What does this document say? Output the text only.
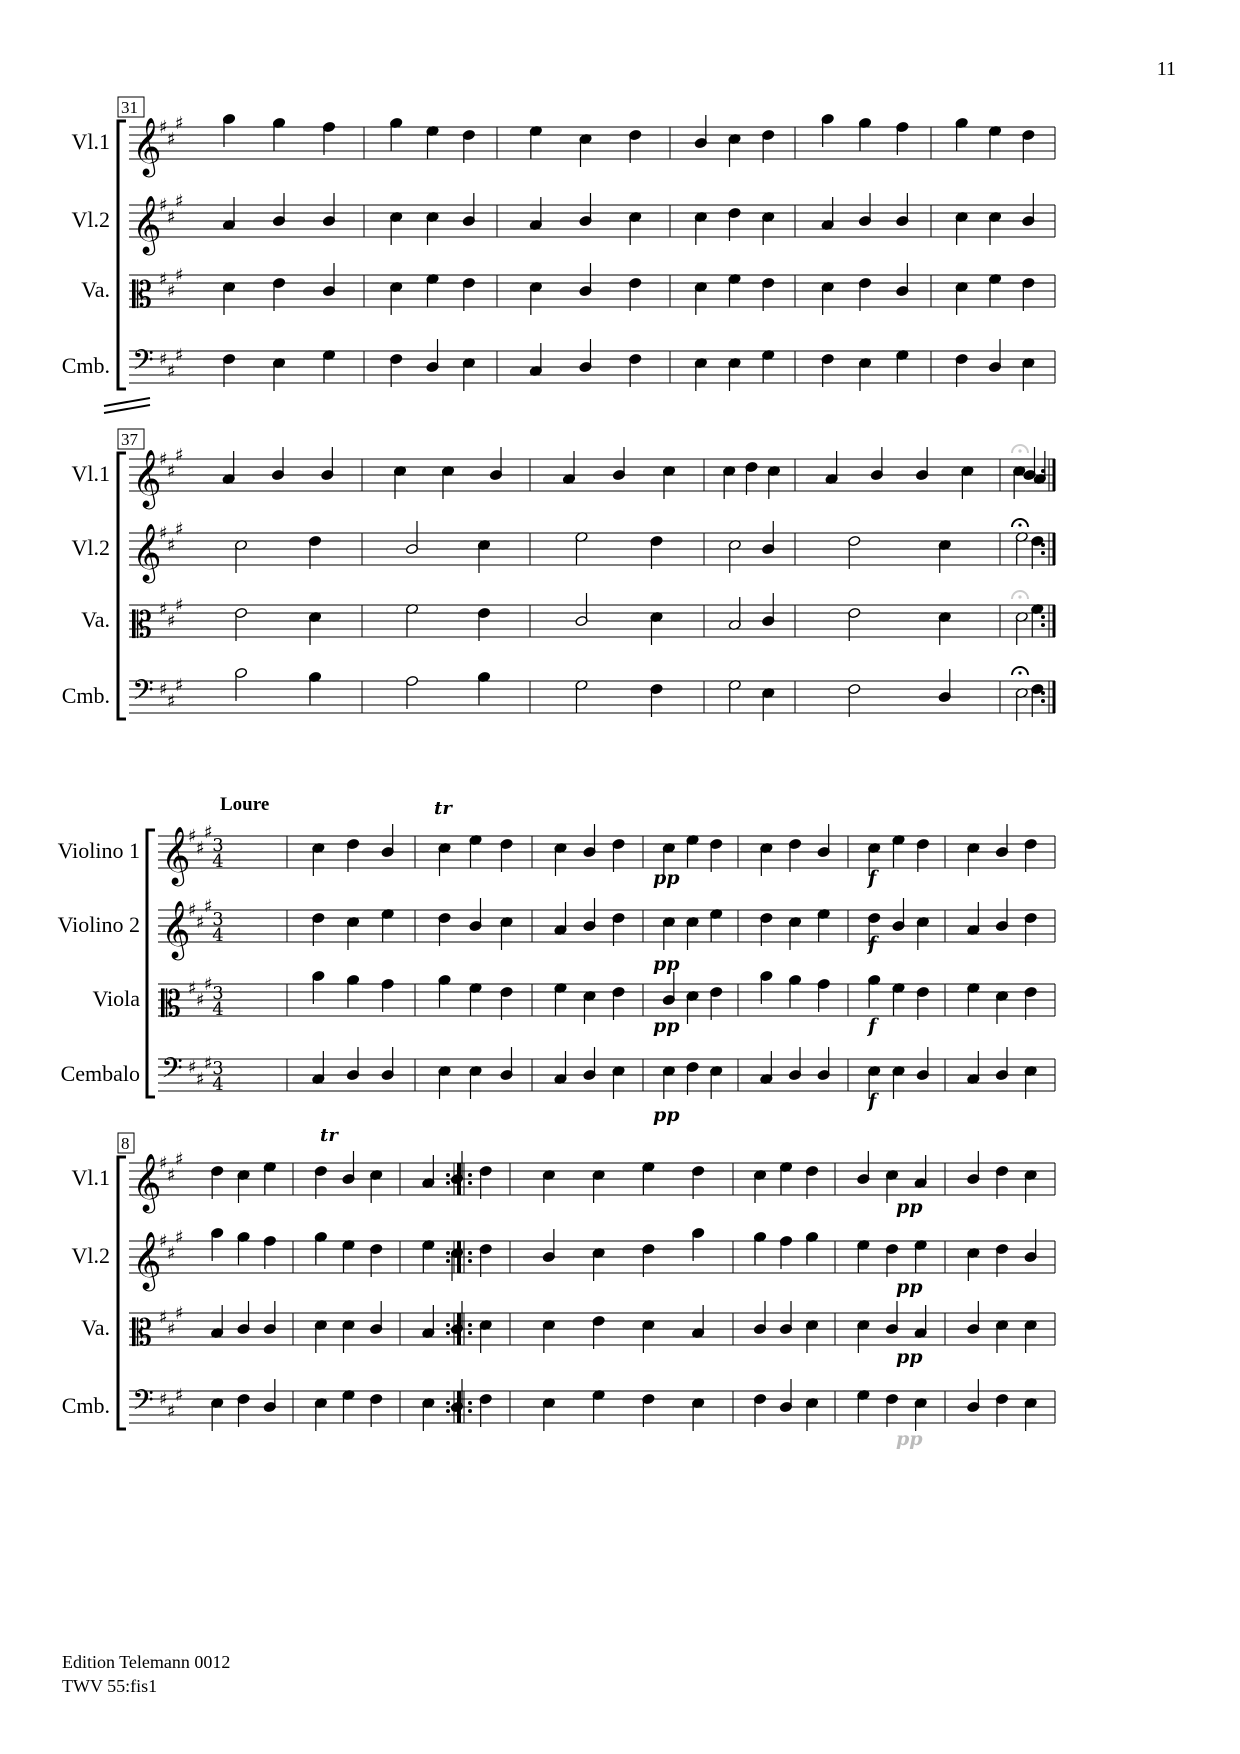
11
31
Vl.1 𝄞
♯
♯
♯
Vl.2 𝄞
♯
♯
♯
Va. 𝄡 ♯
♯
♯
Cmb. 𝄢 ♯
♯
♯
37
Vl.1 𝄞
♯
♯
♯
Vl.2 𝄞
♯
♯
♯
Va. 𝄡 ♯
♯
♯
Cmb. 𝄢 ♯
♯
♯
Loure
Violino 1 𝄞
♯
♯
♯
3
4
Violino 2 𝄞
♯
♯
♯
3
4
Viola 𝄡 ♯
♯
♯ 3
4
Cembalo 𝄢 ♯
♯
♯ 3
4
8
Vl.1 𝄞
♯
♯
♯
Vl.2 𝄞
♯
♯
♯
Va. 𝄡 ♯
♯
♯
Cmb. 𝄢 ♯
♯
♯
pp	f
tr
pp
f
pp	f
pp
f
tr
pp
pp
pp
pp
Edition Telemann 0012
TWV 55:fis1
